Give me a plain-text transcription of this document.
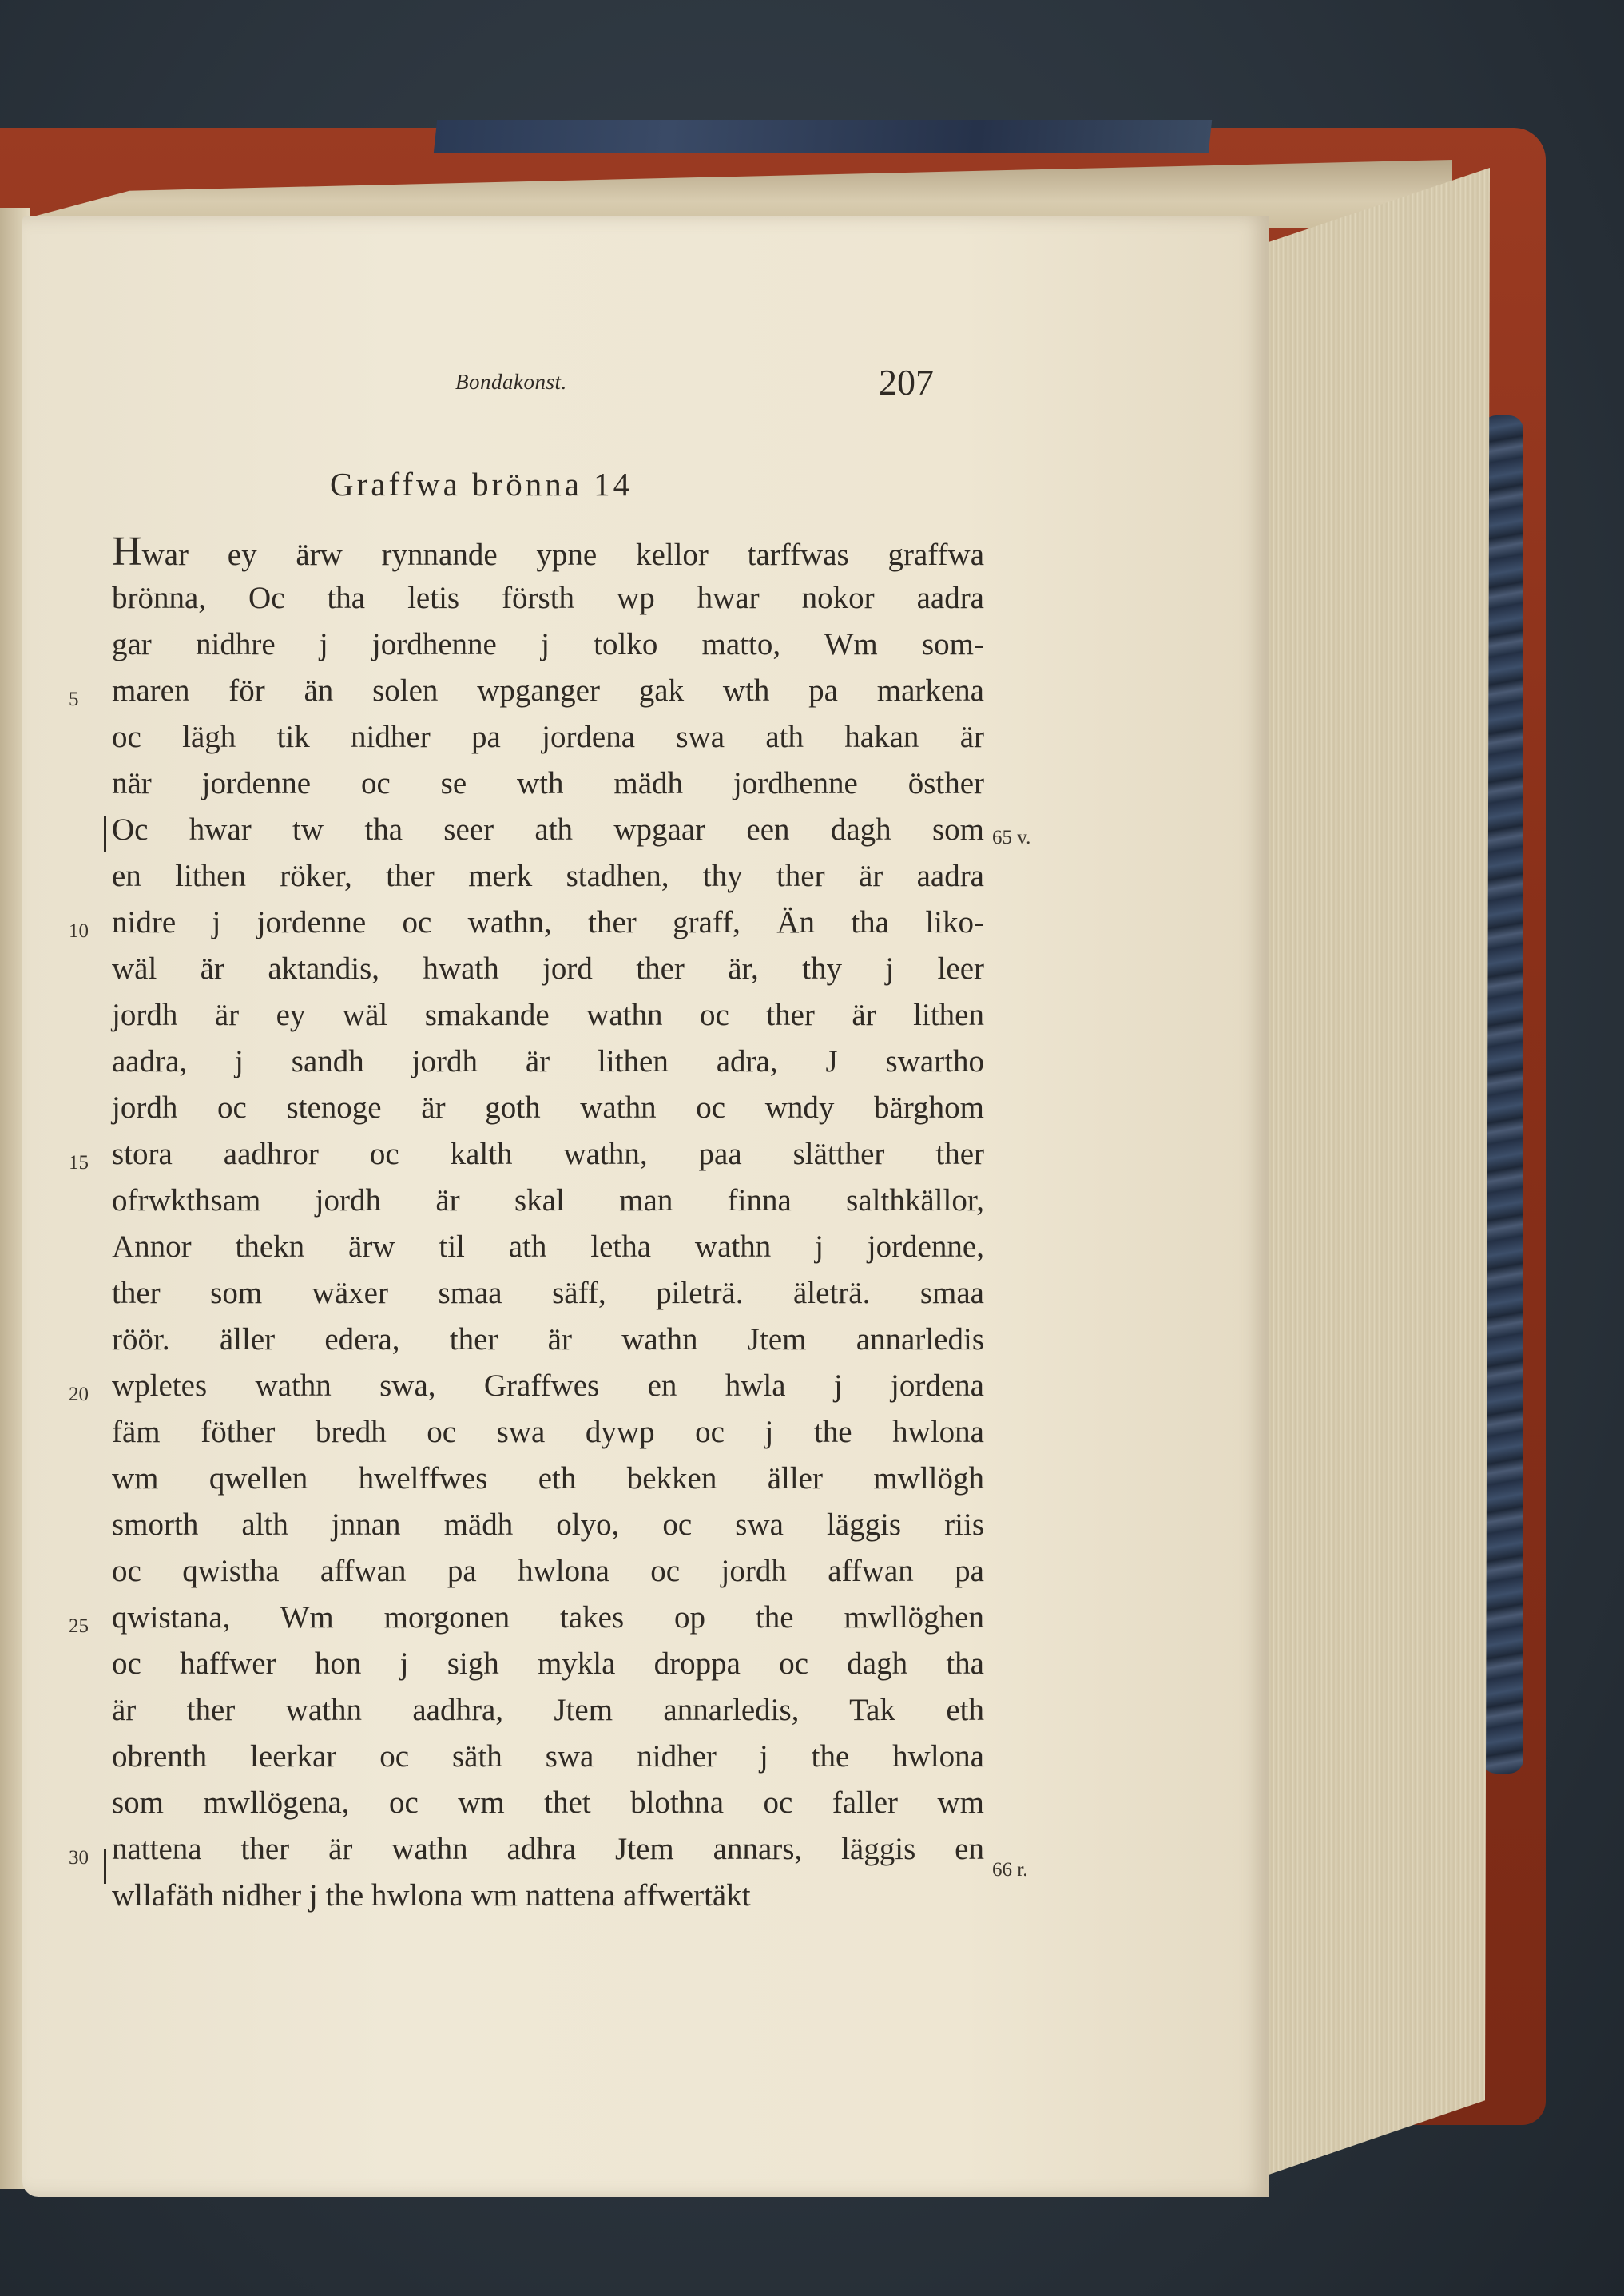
Bondakonst.	207
Graffwa brönna 14
Hwar ey ärw rynnande ypne kellor tarffwas graffwa
brönna, Oc tha letis försth wp hwar nokor aadra
gar nidhre j jordhenne j tolko matto, Wm som-
maren för än solen wpganger gak wth pa markena
oc lägh tik nidher pa jordena swa ath hakan är
när jordenne oc se wth mädh jordhenne östher
Oc hwar tw tha seer ath wpgaar een dagh som
en lithen röker, ther merk stadhen, thy ther är aadra
nidre j jordenne oc wathn, ther graff, Än tha liko-
wäl är aktandis, hwath jord ther är, thy j leer
jordh är ey wäl smakande wathn oc ther är lithen
aadra, j sandh jordh är lithen adra, J swartho
jordh oc stenoge är goth wathn oc wndy bärghom
stora aadhror oc kalth wathn, paa slätther ther
ofrwkthsam jordh är skal man finna salthkällor,
Annor thekn ärw til ath letha wathn j jordenne,
ther som wäxer smaa säff, pileträ. äleträ. smaa
röör. äller edera, ther är wathn Jtem annarledis
wpletes wathn swa, Graffwes en hwla j jordena
fäm föther bredh oc swa dywp oc j the hwlona
wm qwellen hwelffwes eth bekken äller mwllögh
smorth alth jnnan mädh olyo, oc swa läggis riis
oc qwistha affwan pa hwlona oc jordh affwan pa
qwistana, Wm morgonen takes op the mwllöghen
oc haffwer hon j sigh mykla droppa oc dagh tha
är ther wathn aadhra, Jtem annarledis, Tak eth
obrenth leerkar oc säth swa nidher j the hwlona
som mwllögena, oc wm thet blothna oc faller wm
nattena ther är wathn adhra Jtem annars, läggis en
wllafäth nidher j the hwlona wm nattena affwertäkt
5
10
15
20
25
30
65 v.
66 r.
